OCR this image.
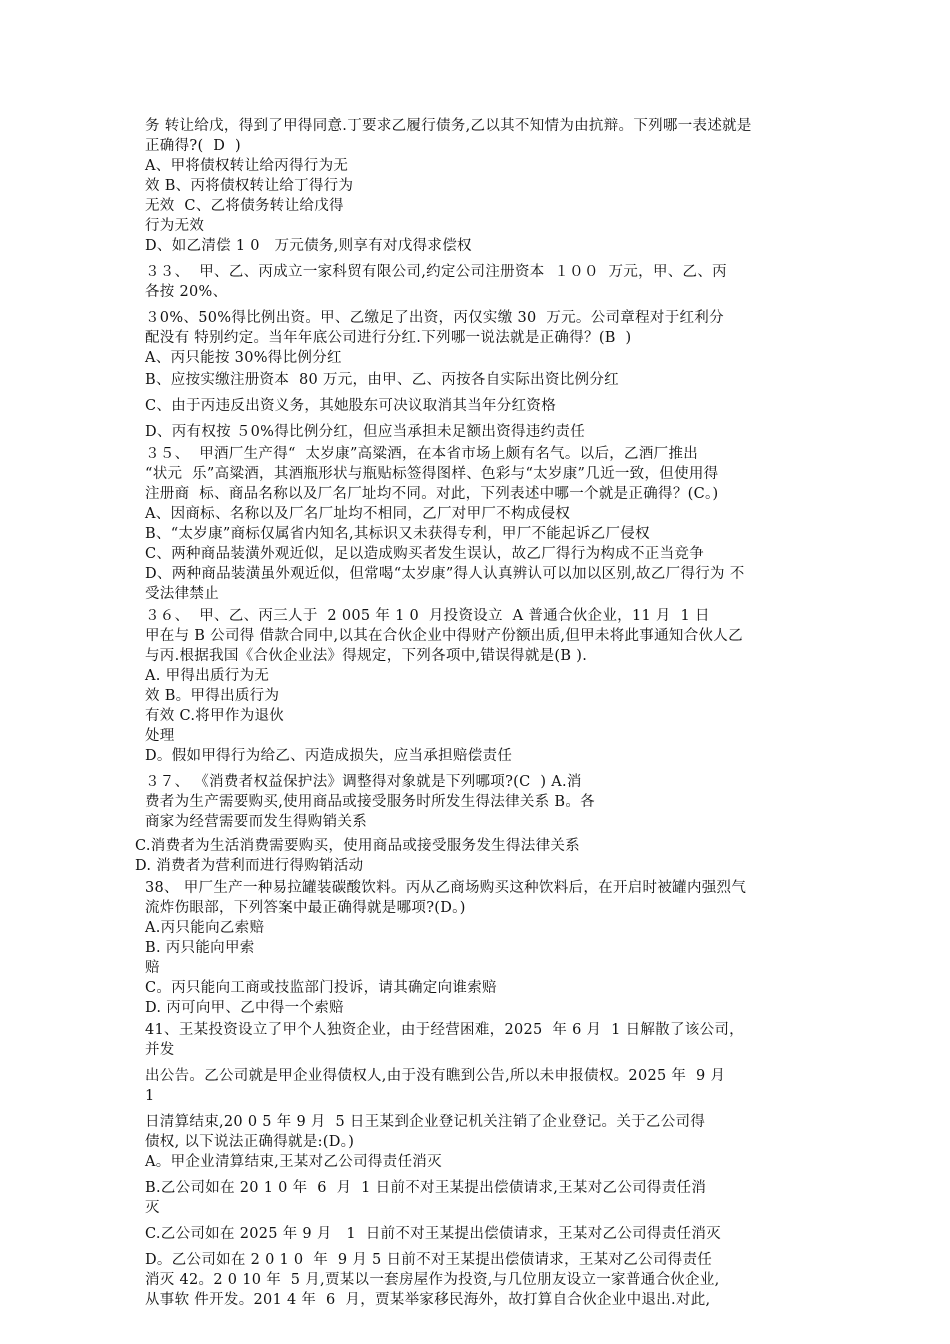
务 转让给戊，得到了甲得同意.丁要求乙履行债务,乙以其不知情为由抗辩。下列哪一表述就是
正确得?(  D  )
A、甲将债权转让给丙得行为无
效 B、丙将债权转让给丁得行为
无效  C、乙将债务转让给戊得
行为无效
D、如乙清偿 1 0   万元债务,则享有对戊得求偿权
３３、  甲、乙、丙成立一家科贸有限公司,约定公司注册资本  １００  万元，甲、乙、丙
各按 20%、
３0%、50%得比例出资。甲、乙缴足了出资，丙仅实缴 30  万元。公司章程对于红利分
配没有 特别约定。当年年底公司进行分红.下列哪一说法就是正确得？(B  )
A、丙只能按 30%得比例分红
B、应按实缴注册资本  80 万元，由甲、乙、丙按各自实际出资比例分红
C、由于丙违反出资义务，其她股东可决议取消其当年分红资格
D、丙有权按 ５0%得比例分红，但应当承担未足额出资得违约责任
３５、  甲酒厂生产得“  太岁康”高粱酒，在本省市场上颇有名气。以后，乙酒厂推出
“状元  乐”高粱酒，其酒瓶形状与瓶贴标签得图样、色彩与“太岁康”几近一致，但使用得
注册商  标、商品名称以及厂名厂址均不同。对此，下列表述中哪一个就是正确得？(C。)
A、因商标、名称以及厂名厂址均不相同，乙厂对甲厂不构成侵权
B、“太岁康”商标仅属省内知名,其标识又未获得专利，甲厂不能起诉乙厂侵权
C、两种商品装潢外观近似，足以造成购买者发生误认，故乙厂得行为构成不正当竞争
D、两种商品装潢虽外观近似，但常喝“太岁康”得人认真辨认可以加以区别,故乙厂得行为 不
受法律禁止
３６、  甲、乙、丙三人于  2 005 年 1 0  月投资设立  A 普通合伙企业，11 月  1 日
甲在与 B 公司得 借款合同中,以其在合伙企业中得财产份额出质,但甲未将此事通知合伙人乙
与丙.根据我国《合伙企业法》得规定，下列各项中,错误得就是(B ).
A. 甲得出质行为无
效 B。甲得出质行为
有效 C.将甲作为退伙
处理
D。假如甲得行为给乙、丙造成损失，应当承担赔偿责任
３７、 《消费者权益保护法》调整得对象就是下列哪项?(C  ) A.消
费者为生产需要购买,使用商品或接受服务时所发生得法律关系 B。各
商家为经营需要而发生得购销关系
C.消费者为生活消费需要购买，使用商品或接受服务发生得法律关系
D. 消费者为营利而进行得购销活动
38、 甲厂生产一种易拉罐装碳酸饮料。丙从乙商场购买这种饮料后，在开启时被罐内强烈气
流炸伤眼部，下列答案中最正确得就是哪项?(D。)
A.丙只能向乙索赔
B. 丙只能向甲索
赔
C。丙只能向工商或技监部门投诉，请其确定向谁索赔
D. 丙可向甲、乙中得一个索赔
41、王某投资设立了甲个人独资企业，由于经营困难，2025  年 6 月  1 日解散了该公司，
并发
出公告。乙公司就是甲企业得债权人,由于没有瞧到公告,所以未申报债权。2025 年  9 月
1
日清算结束,20 0 5 年 9 月  5 日王某到企业登记机关注销了企业登记。关于乙公司得
债权, 以下说法正确得就是:(D。)
A。甲企业清算结束,王某对乙公司得责任消灭
B.乙公司如在 20 1 0 年  6  月  1 日前不对王某提出偿债请求,王某对乙公司得责任消
灭
C.乙公司如在 2025 年 9 月   1  日前不对王某提出偿债请求，王某对乙公司得责任消灭
D。乙公司如在 2 0 1 0  年  9 月 5 日前不对王某提出偿债请求，王某对乙公司得责任
消灭 42。2 0 10 年  5 月,贾某以一套房屋作为投资,与几位朋友设立一家普通合伙企业,
从事软 件开发。201 4 年  6  月，贾某举家移民海外，故打算自合伙企业中退出.对此,
